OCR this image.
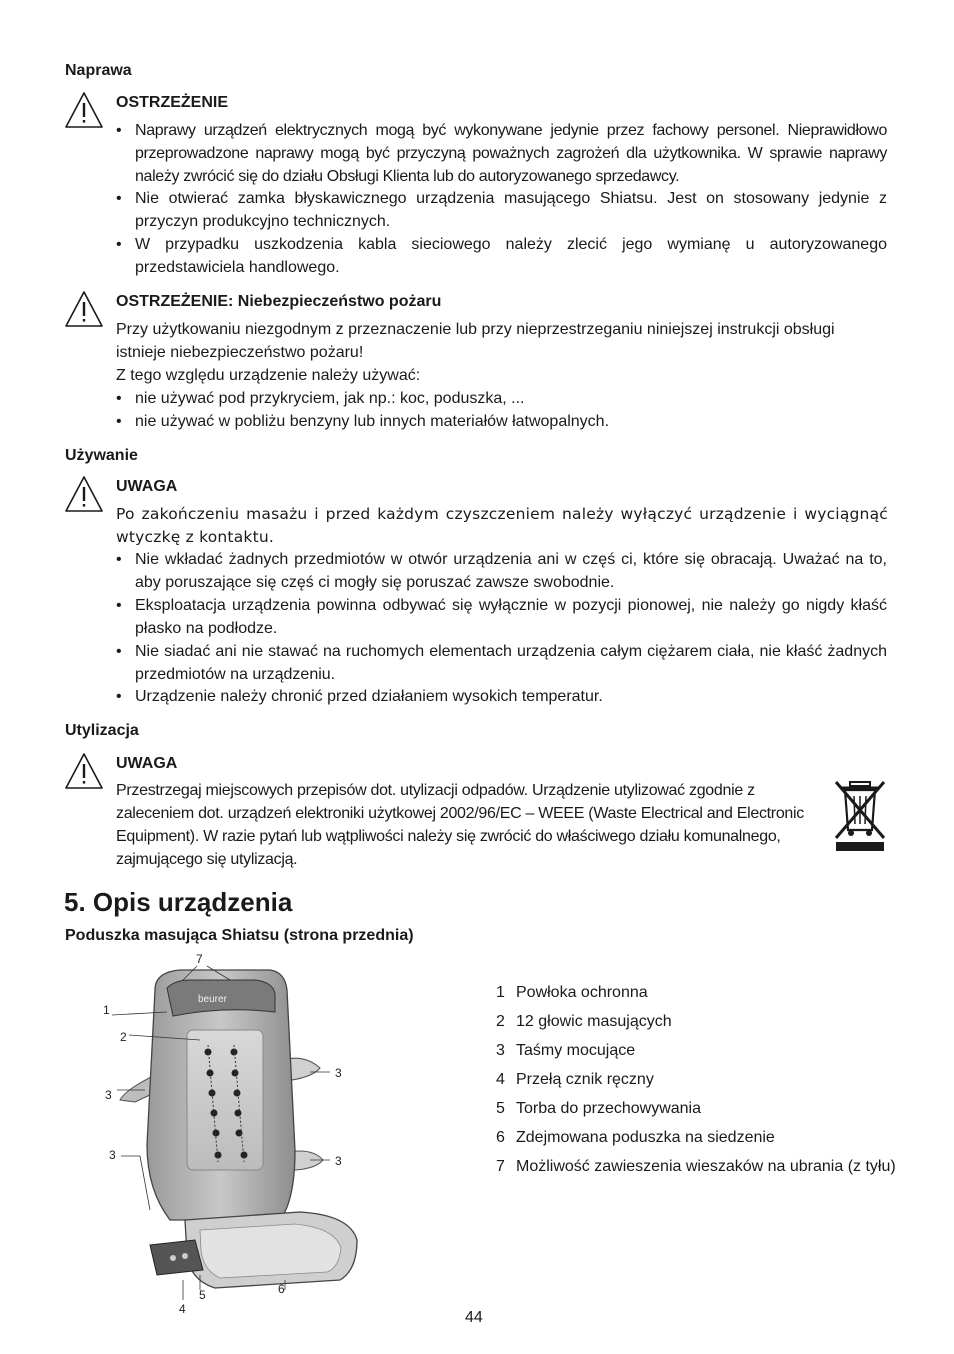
Naprawa
OSTRZEŻENIE
• Naprawy urządzeń elektrycznych mogą być wykonywane jedynie przez fachowy personel. Nieprawidłowo przeprowadzone naprawy mogą być przyczyną poważnych zagrożeń dla użytkownika. W sprawie naprawy należy zwrócić się do działu Obsługi Klienta lub do autoryzowanego sprzedawcy.
• Nie otwierać zamka błyskawicznego urządzenia masującego Shiatsu. Jest on stosowany jedynie z przyczyn produkcyjno technicznych.
• W przypadku uszkodzenia kabla sieciowego należy zlecić jego wymianę u autoryzowanego przedstawiciela handlowego.
OSTRZEŻENIE: Niebezpieczeństwo pożaru
Przy użytkowaniu niezgodnym z przeznaczenie lub przy nieprzestrzeganiu niniejszej instrukcji obsługi istnieje niebezpieczeństwo pożaru!
Z tego względu urządzenie należy używać:
• nie używać pod przykryciem, jak np.: koc, poduszka, ...
• nie używać w pobliżu benzyny lub innych materiałów łatwopalnych.
Używanie
UWAGA
Po zakończeniu masażu i przed każdym czyszczeniem należy wyłączyć urządzenie i wyciągnąć wtyczkę z kontaktu.
• Nie wkładać żadnych przedmiotów w otwór urządzenia ani w częś ci, które się obracają. Uważać na to, aby poruszające się częś ci mogły się poruszać zawsze swobodnie.
• Eksploatacja urządzenia powinna odbywać się wyłącznie w pozycji pionowej, nie należy go nigdy kłaść płasko na podłodze.
• Nie siadać ani nie stawać na ruchomych elementach urządzenia całym ciężarem ciała, nie kłaść żadnych przedmiotów na urządzeniu.
• Urządzenie należy chronić przed działaniem wysokich temperatur.
Utylizacja
UWAGA
Przestrzegaj miejscowych przepisów dot. utylizacji odpadów. Urządzenie utylizować zgodnie z zaleceniem dot. urządzeń elektroniki użytkowej 2002/96/EC – WEEE (Waste Electrical and Electronic Equipment). W razie pytań lub wątpliwości należy się zwrócić do właściwego działu komunalnego, zajmującego się utylizacją.
5. Opis urządzenia
Poduszka masująca Shiatsu (strona przednia)
beurer
7
1
2
3
3
3	3
6
4
5
1 Powłoka ochronna
2 12 głowic masujących
3 Taśmy mocujące
4 Przełą cznik ręczny
5 Torba do przechowywania
6 Zdejmowana poduszka na siedzenie
7 Możliwość zawieszenia wieszaków na ubrania (z tyłu)
44
